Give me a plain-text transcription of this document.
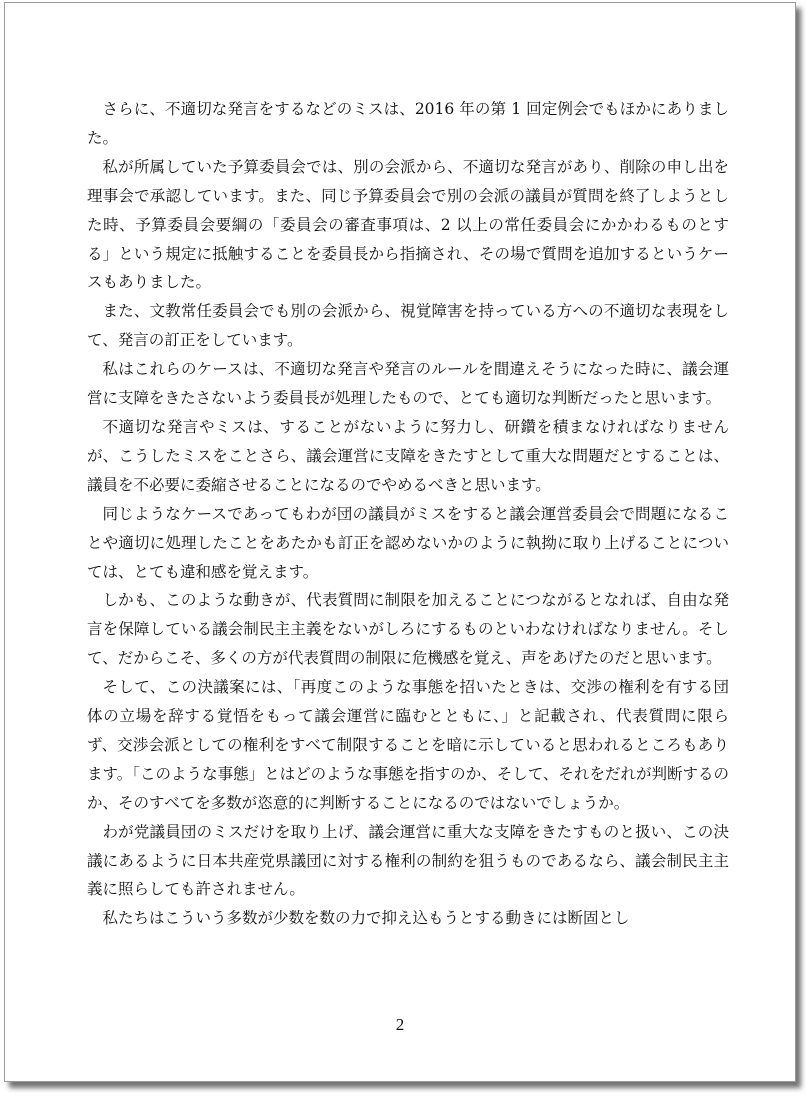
さらに、不適切な発言をするなどのミスは、2016 年の第 1 回定例会でもほかにありました。

私が所属していた予算委員会では、別の会派から、不適切な発言があり、削除の申し出を理事会で承認しています。また、同じ予算委員会で別の会派の議員が質問を終了しようとした時、予算委員会要綱の「委員会の審査事項は、2 以上の常任委員会にかかわるものとする」という規定に抵触することを委員長から指摘され、その場で質問を追加するというケースもありました。

また、文教常任委員会でも別の会派から、視覚障害を持っている方への不適切な表現をして、発言の訂正をしています。

私はこれらのケースは、不適切な発言や発言のルールを間違えそうになった時に、議会運営に支障をきたさないよう委員長が処理したもので、とても適切な判断だったと思います。

不適切な発言やミスは、することがないように努力し、研鑽を積まなければなりませんが、こうしたミスをことさら、議会運営に支障をきたすとして重大な問題だとすることは、議員を不必要に委縮させることになるのでやめるべきと思います。

同じようなケースであってもわが団の議員がミスをすると議会運営委員会で問題になることや適切に処理したことをあたかも訂正を認めないかのように執拗に取り上げることについては、とても違和感を覚えます。

しかも、このような動きが、代表質問に制限を加えることにつながるとなれば、自由な発言を保障している議会制民主主義をないがしろにするものといわなければなりません。そして、だからこそ、多くの方が代表質問の制限に危機感を覚え、声をあげたのだと思います。

そして、この決議案には、「再度このような事態を招いたときは、交渉の権利を有する団体の立場を辞する覚悟をもって議会運営に臨むとともに、」と記載され、代表質問に限らず、交渉会派としての権利をすべて制限することを暗に示していると思われるところもあります。「このような事態」とはどのような事態を指すのか、そして、それをだれが判断するのか、そのすべてを多数が恣意的に判断することになるのではないでしょうか。

わが党議員団のミスだけを取り上げ、議会運営に重大な支障をきたすものと扱い、この決議にあるように日本共産党県議団に対する権利の制約を狙うものであるなら、議会制民主主義に照らしても許されません。

私たちはこういう多数が少数を数の力で抑え込もうとする動きには断固とし

2
